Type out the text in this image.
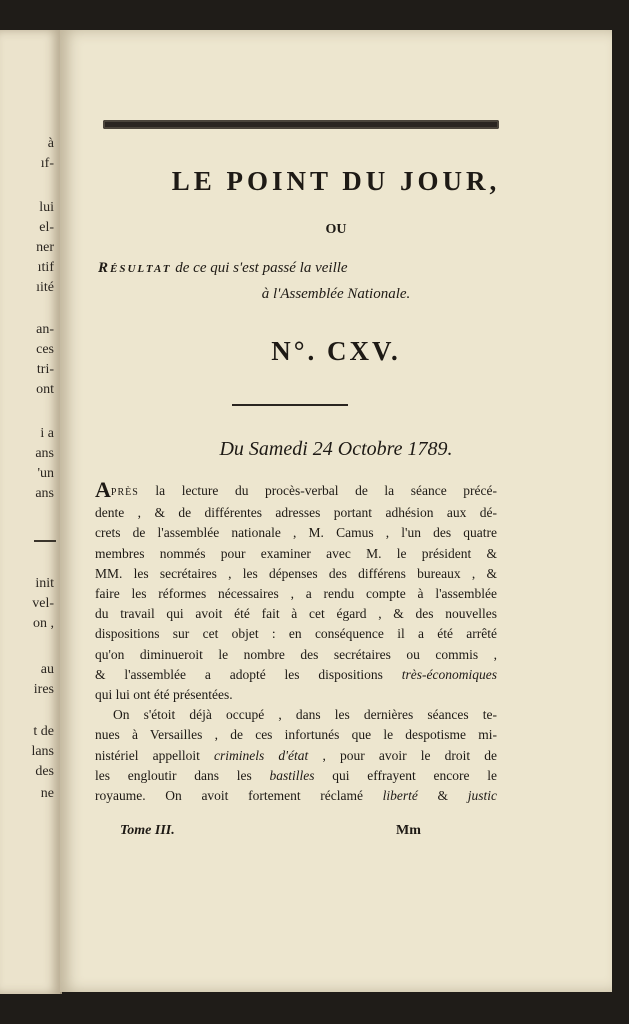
à
ıf-
lui
el-
ner
ıtif
ıité
an-
ces
tri-
ont
i a
ans
'un
ans
init
vel-
on ,
au
ires
t de
lans
des
ne
LE POINT DU JOUR,
OU
Résultat de ce qui s'est passé la veille
à l'Assemblée Nationale.
N°. CXV.
Du Samedi 24 Octobre 1789.
APRÈS la lecture du procès-verbal de la séance précé-
dente , & de différentes adresses portant adhésion aux dé-
crets de l'assemblée nationale , M. Camus , l'un des quatre
membres nommés pour examiner avec M. le président &
MM. les secrétaires , les dépenses des différens bureaux , &
faire les réformes nécessaires , a rendu compte à l'assemblée
du travail qui avoit été fait à cet égard , & des nouvelles
dispositions sur cet objet : en conséquence il a été arrêté
qu'on diminueroit le nombre des secrétaires ou commis ,
& l'assemblée a adopté les dispositions très-économiques
qui lui ont été présentées.
On s'étoit déjà occupé , dans les dernières séances te-
nues à Versailles , de ces infortunés que le despotisme mi-
nistériel appelloit criminels d'état , pour avoir le droit de
les engloutir dans les bastilles qui effrayent encore le
royaume. On avoit fortement réclamé liberté & justic
Tome III.	Mm
